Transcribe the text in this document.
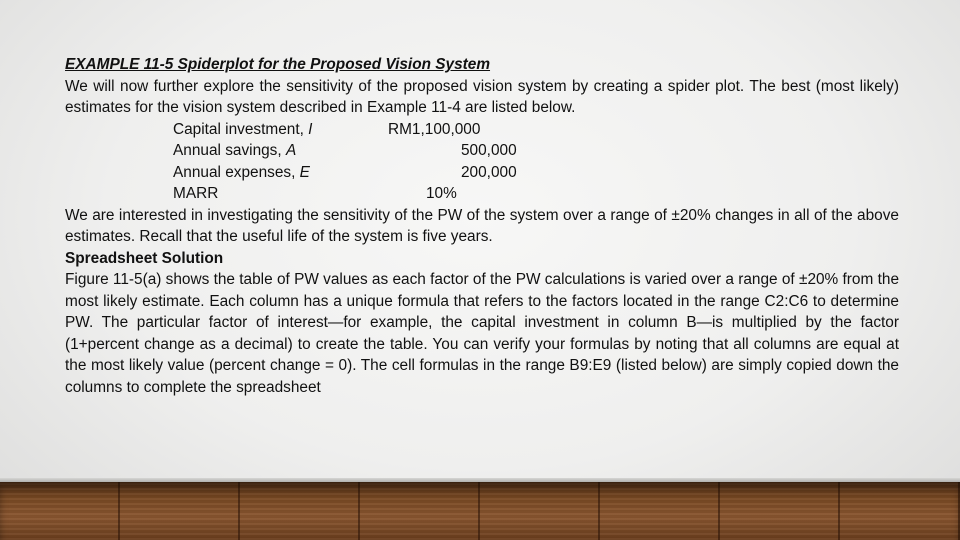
EXAMPLE 11-5 Spiderplot for the Proposed Vision System

We will now further explore the sensitivity of the proposed vision system by creating a spider plot. The best (most likely) estimates for the vision system described in Example 11-4 are listed below.

Capital investment, I	RM1,100,000
Annual savings, A	500,000
Annual expenses, E	200,000
MARR	10%

We are interested in investigating the sensitivity of the PW of the system over a range of ±20% changes in all of the above estimates. Recall that the useful life of the system is five years.

Spreadsheet Solution

Figure 11-5(a) shows the table of PW values as each factor of the PW calculations is varied over a range of ±20% from the most likely estimate. Each column has a unique formula that refers to the factors located in the range C2:C6 to determine PW. The particular factor of interest—for example, the capital investment in column B—is multiplied by the factor (1+percent change as a decimal) to create the table. You can verify your formulas by noting that all columns are equal at the most likely value (percent change = 0). The cell formulas in the range B9:E9 (listed below) are simply copied down the columns to complete the spreadsheet
